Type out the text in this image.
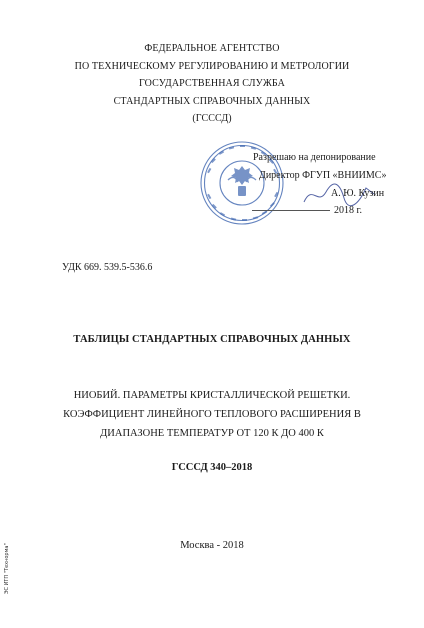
ФЕДЕРАЛЬНОЕ АГЕНТСТВО
ПО ТЕХНИЧЕСКОМУ РЕГУЛИРОВАНИЮ И МЕТРОЛОГИИ
ГОСУДАРСТВЕННАЯ СЛУЖБА
СТАНДАРТНЫХ СПРАВОЧНЫХ ДАННЫХ
(ГСССД)
Разрешаю на депонирование
Директор ФГУП «ВНИИМС»
А. Ю. Кузин
2018 г.
УДК 669. 539.5-536.6
ТАБЛИЦЫ СТАНДАРТНЫХ СПРАВОЧНЫХ ДАННЫХ
НИОБИЙ. ПАРАМЕТРЫ КРИСТАЛЛИЧЕСКОЙ РЕШЕТКИ.
КОЭФФИЦИЕНТ ЛИНЕЙНОГО ТЕПЛОВОГО РАСШИРЕНИЯ В
ДИАПАЗОНЕ ТЕМПЕРАТУР ОТ 120 К ДО 400 К
ГСССД 340–2018
Москва - 2018
ЭС ИТП "Технорма"
